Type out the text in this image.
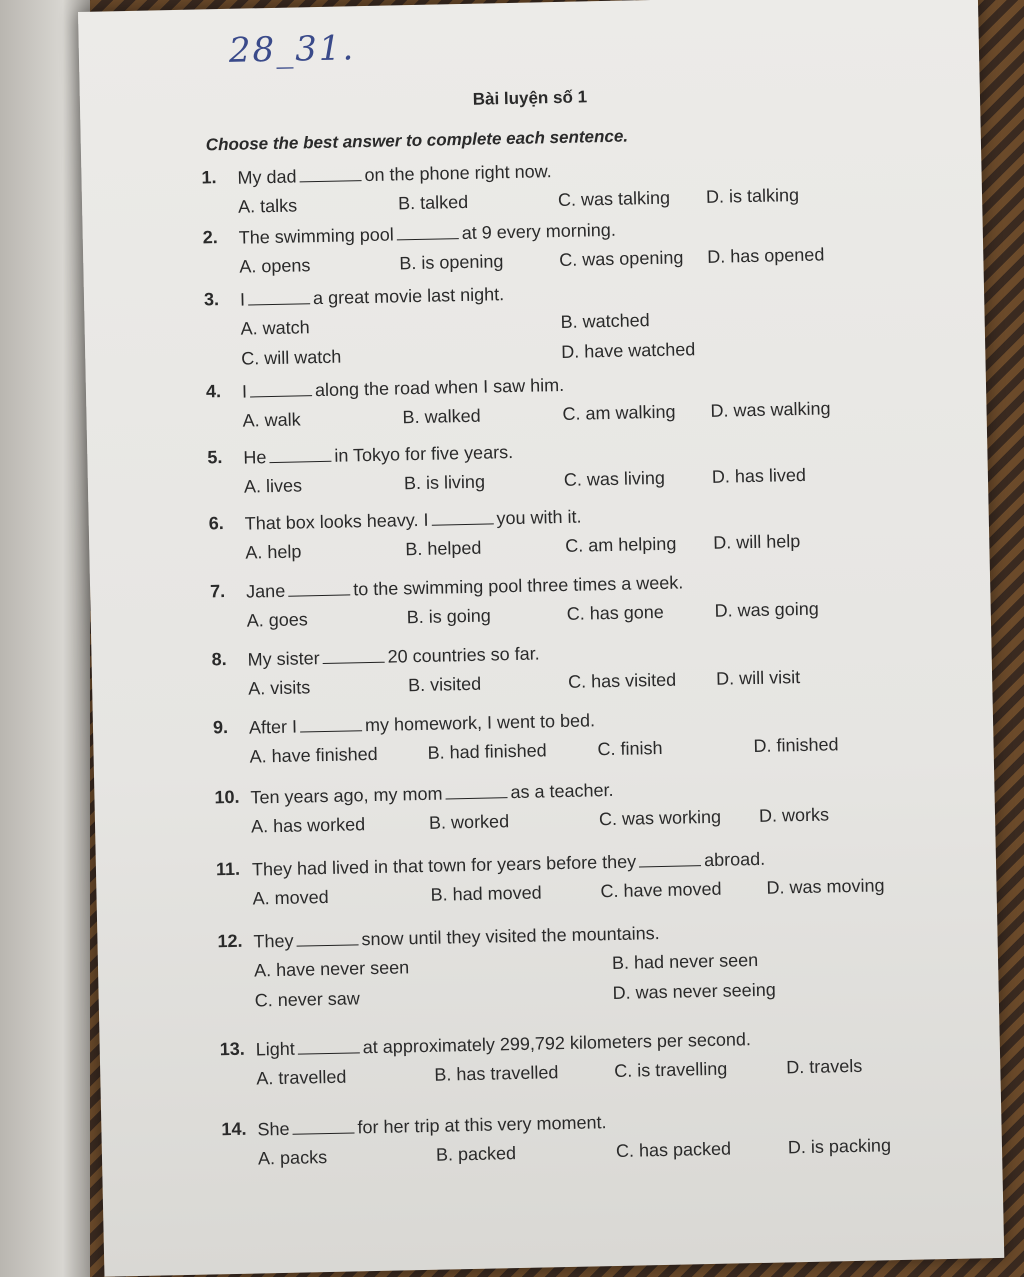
28_31.
Bài luyện số 1
Choose the best answer to complete each sentence.
1. My dad	on the phone right now.
A. talks	B. talked	C. was talking D. is talking
2. The swimming pool	at 9 every morning.
A. opens	B. is opening	C. was opening D. has opened
3. I	a great movie last night.
A. watch	B. watched
C. will watch	D. have watched
4. I	along the road when I saw him.
A. walk	B. walked	C. am walking D. was walking
5. He	in Tokyo for five years.
A. lives	B. is living	C. was living	D. has lived
6. That box looks heavy. I	you with it.
A. help	B. helped	C. am helping D. will help
7. Jane	to the swimming pool three times a week.
A. goes	B. is going	C. has gone	D. was going
8. My sister	20 countries so far.
A. visits	B. visited	C. has visited D. will visit
9. After I	my homework, I went to bed.
A. have finished	B. had finished	C. finish	D. finished
10. Ten years ago, my mom	as a teacher.
A. has worked	B. worked	C. was working D. works
11. They had lived in that town for years before they	abroad.
A. moved	B. had moved	C. have moved D. was moving
12. They	snow until they visited the mountains.
A. have never seen	B. had never seen
C. never saw	D. was never seeing
13. Light	at approximately 299,792 kilometers per second.
A. travelled	B. has travelled	C. is travelling	D. travels
14. She	for her trip at this very moment.
A. packs	B. packed	C. has packed	D. is packing
